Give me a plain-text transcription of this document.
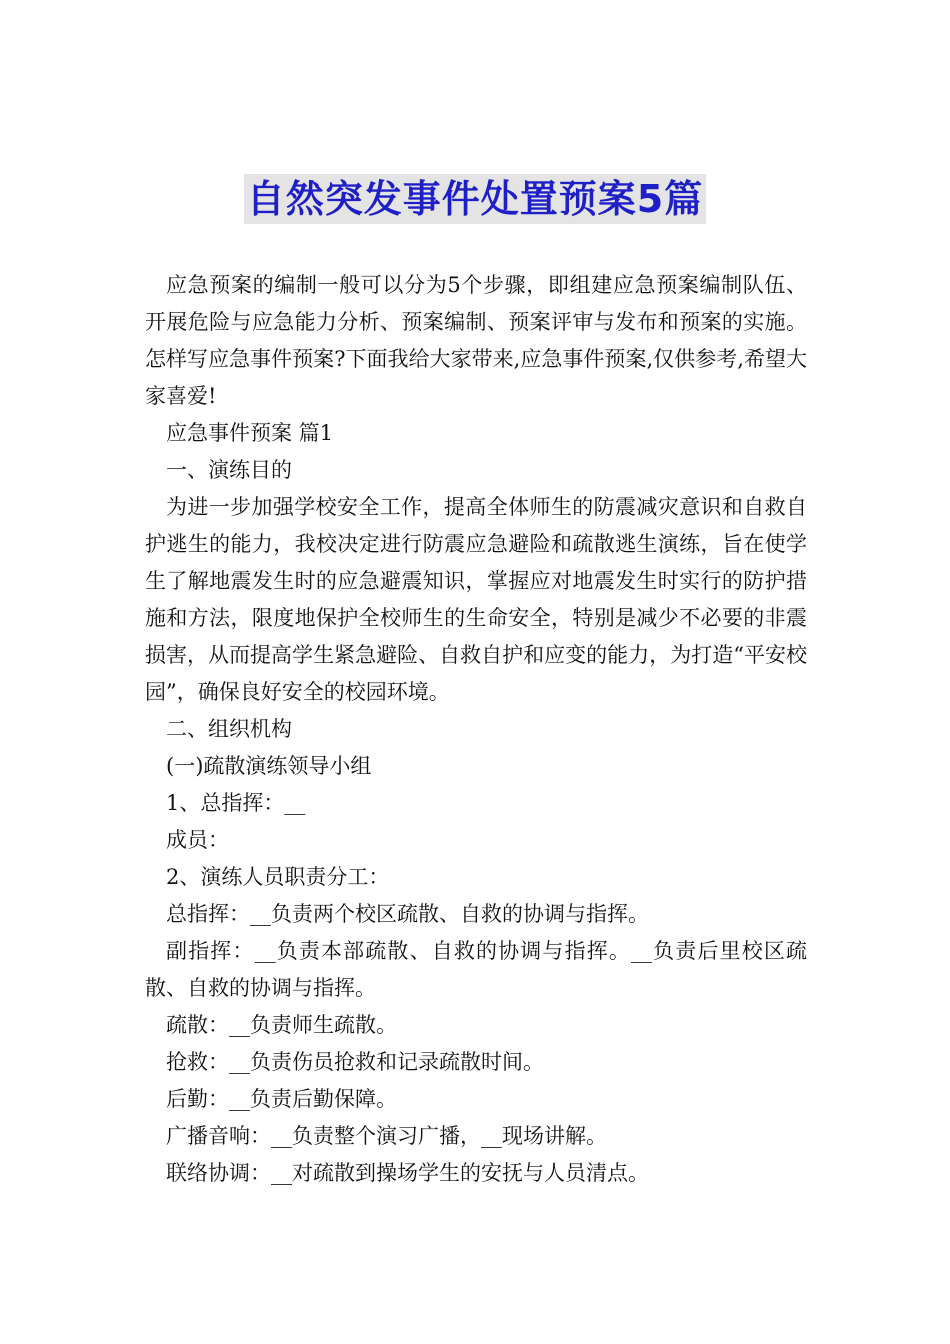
自然突发事件处置预案5篇

应急预案的编制一般可以分为5个步骤，即组建应急预案编制队伍、开展危险与应急能力分析、预案编制、预案评审与发布和预案的实施。怎样写应急事件预案?下面我给大家带来,应急事件预案,仅供参考,希望大家喜爱!

应急事件预案 篇1

一、演练目的

为进一步加强学校安全工作，提高全体师生的防震减灾意识和自救自护逃生的能力，我校决定进行防震应急避险和疏散逃生演练，旨在使学生了解地震发生时的应急避震知识，掌握应对地震发生时实行的防护措施和方法，限度地保护全校师生的生命安全，特别是减少不必要的非震损害，从而提高学生紧急避险、自救自护和应变的能力，为打造“平安校园”，确保良好安全的校园环境。

二、组织机构

(一)疏散演练领导小组

1、总指挥：__

成员：

2、演练人员职责分工：

总指挥：__负责两个校区疏散、自救的协调与指挥。

副指挥：__负责本部疏散、自救的协调与指挥。__负责后里校区疏散、自救的协调与指挥。

疏散：__负责师生疏散。

抢救：__负责伤员抢救和记录疏散时间。

后勤：__负责后勤保障。

广播音响：__负责整个演习广播，__现场讲解。

联络协调：__对疏散到操场学生的安抚与人员清点。
